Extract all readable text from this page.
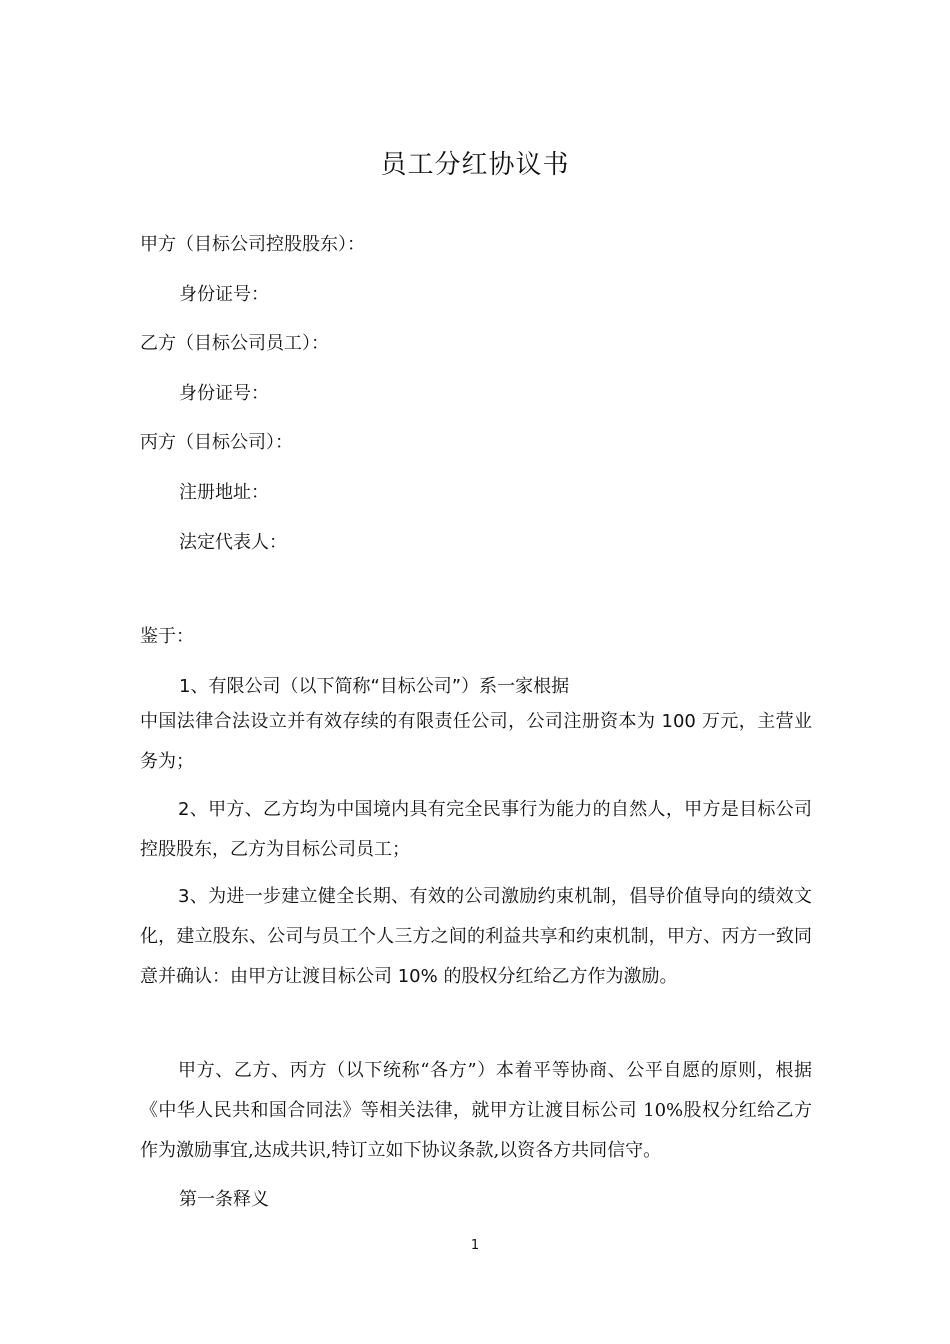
员工分红协议书
甲方（目标公司控股股东）：
身份证号：
乙方（目标公司员工）：
身份证号：
丙方（目标公司）：
注册地址：
法定代表人：
鉴于：
1、有限公司（以下简称“目标公司”）系一家根据
中国法律合法设立并有效存续的有限责任公司，公司注册资本为 100 万元，主营业务为；
2、甲方、乙方均为中国境内具有完全民事行为能力的自然人，甲方是目标公司控股股东，乙方为目标公司员工；
3、为进一步建立健全长期、有效的公司激励约束机制，倡导价值导向的绩效文化，建立股东、公司与员工个人三方之间的利益共享和约束机制，甲方、丙方一致同意并确认：由甲方让渡目标公司 10% 的股权分红给乙方作为激励。
甲方、乙方、丙方（以下统称“各方”）本着平等协商、公平自愿的原则，根据《中华人民共和国合同法》等相关法律，就甲方让渡目标公司 10%股权分红给乙方作为激励事宜,达成共识,特订立如下协议条款,以资各方共同信守。
第一条释义
1
